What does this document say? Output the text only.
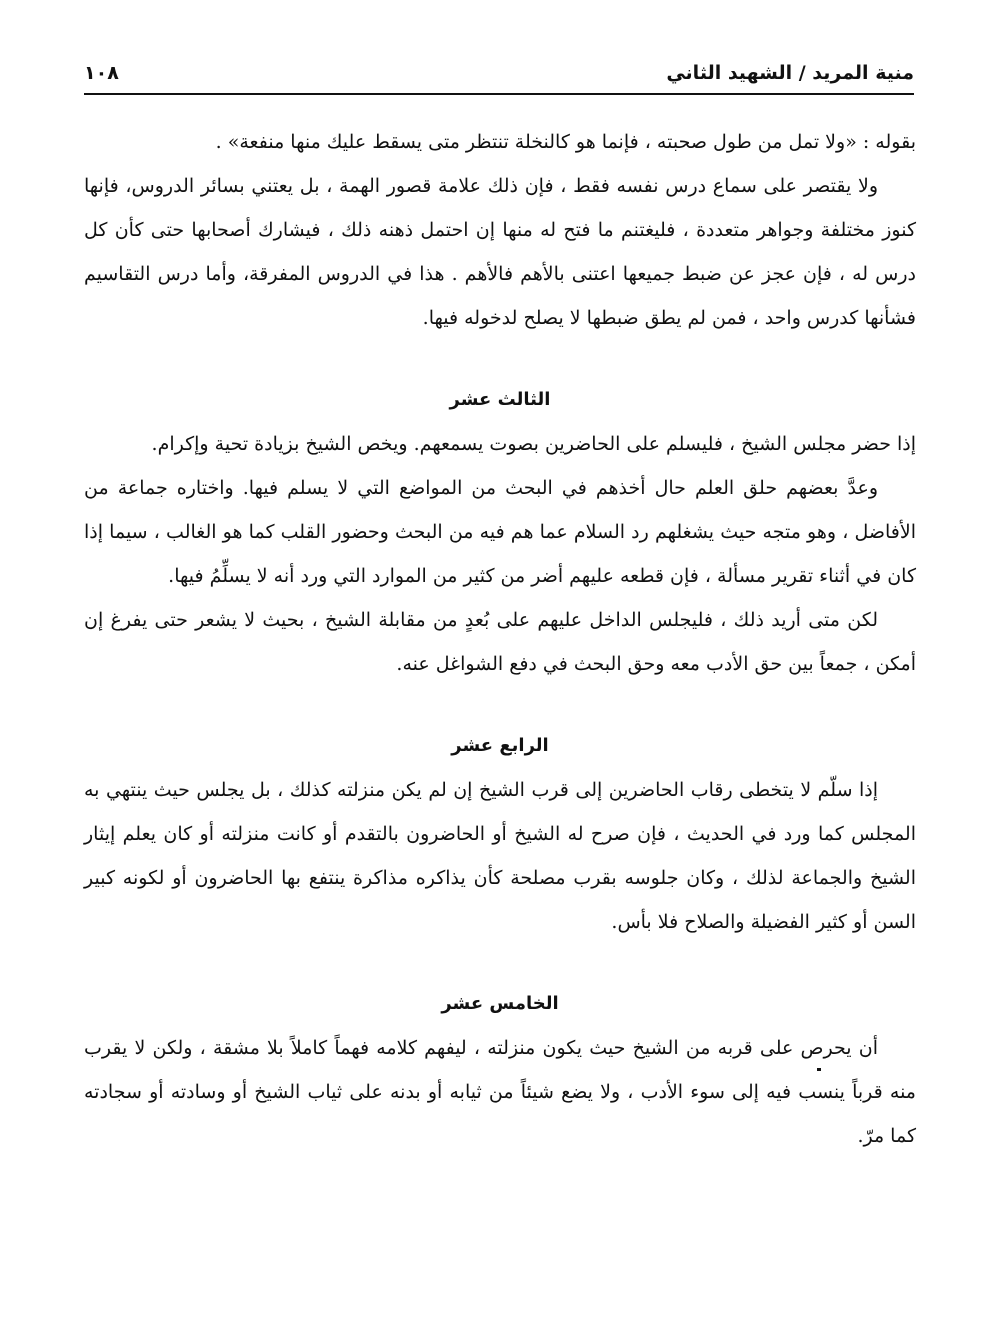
منية المريد / الشهيد الثاني
١٠٨

بقوله : «ولا تمل من طول صحبته ، فإنما هو كالنخلة تنتظر متى يسقط عليك منها منفعة» .

ولا يقتصر على سماع درس نفسه فقط ، فإن ذلك علامة قصور الهمة ، بل يعتني بسائر الدروس، فإنها كنوز مختلفة وجواهر متعددة ، فليغتنم ما فتح له منها إن احتمل ذهنه ذلك ، فيشارك أصحابها حتى كأن كل درس له ، فإن عجز عن ضبط جميعها اعتنى بالأهم فالأهم . هذا في الدروس المفرقة، وأما درس التقاسيم فشأنها كدرس واحد ، فمن لم يطق ضبطها لا يصلح لدخوله فيها.

الثالث عشر

إذا حضر مجلس الشيخ ، فليسلم على الحاضرين بصوت يسمعهم. ويخص الشيخ بزيادة تحية وإكرام.

وعدَّ بعضهم حلق العلم حال أخذهم في البحث من المواضع التي لا يسلم فيها. واختاره جماعة من الأفاضل ، وهو متجه حيث يشغلهم رد السلام عما هم فيه من البحث وحضور القلب كما هو الغالب ، سيما إذا كان في أثناء تقرير مسألة ، فإن قطعه عليهم أضر من كثير من الموارد التي ورد أنه لا يسلِّمُ فيها.

لكن متى أريد ذلك ، فليجلس الداخل عليهم على بُعدٍ من مقابلة الشيخ ، بحيث لا يشعر حتى يفرغ إن أمكن ، جمعاً بين حق الأدب معه وحق البحث في دفع الشواغل عنه.

الرابع عشر

إذا سلّم لا يتخطى رقاب الحاضرين إلى قرب الشيخ إن لم يكن منزلته كذلك ، بل يجلس حيث ينتهي به المجلس كما ورد في الحديث ، فإن صرح له الشيخ أو الحاضرون بالتقدم أو كانت منزلته أو كان يعلم إيثار الشيخ والجماعة لذلك ، وكان جلوسه بقرب مصلحة كأن يذاكره مذاكرة ينتفع بها الحاضرون أو لكونه كبير السن أو كثير الفضيلة والصلاح فلا بأس.

الخامس عشر

أن يحرص على قربه من الشيخ حيث يكون منزلته ، ليفهم كلامه فهماً كاملاً بلا مشقة ، ولكن لا يقرب منه قرباً ينسب فيه إلى سوء الأدب ، ولا يضع شيئاً من ثيابه أو بدنه على ثياب الشيخ أو وسادته أو سجادته كما مرّ.
